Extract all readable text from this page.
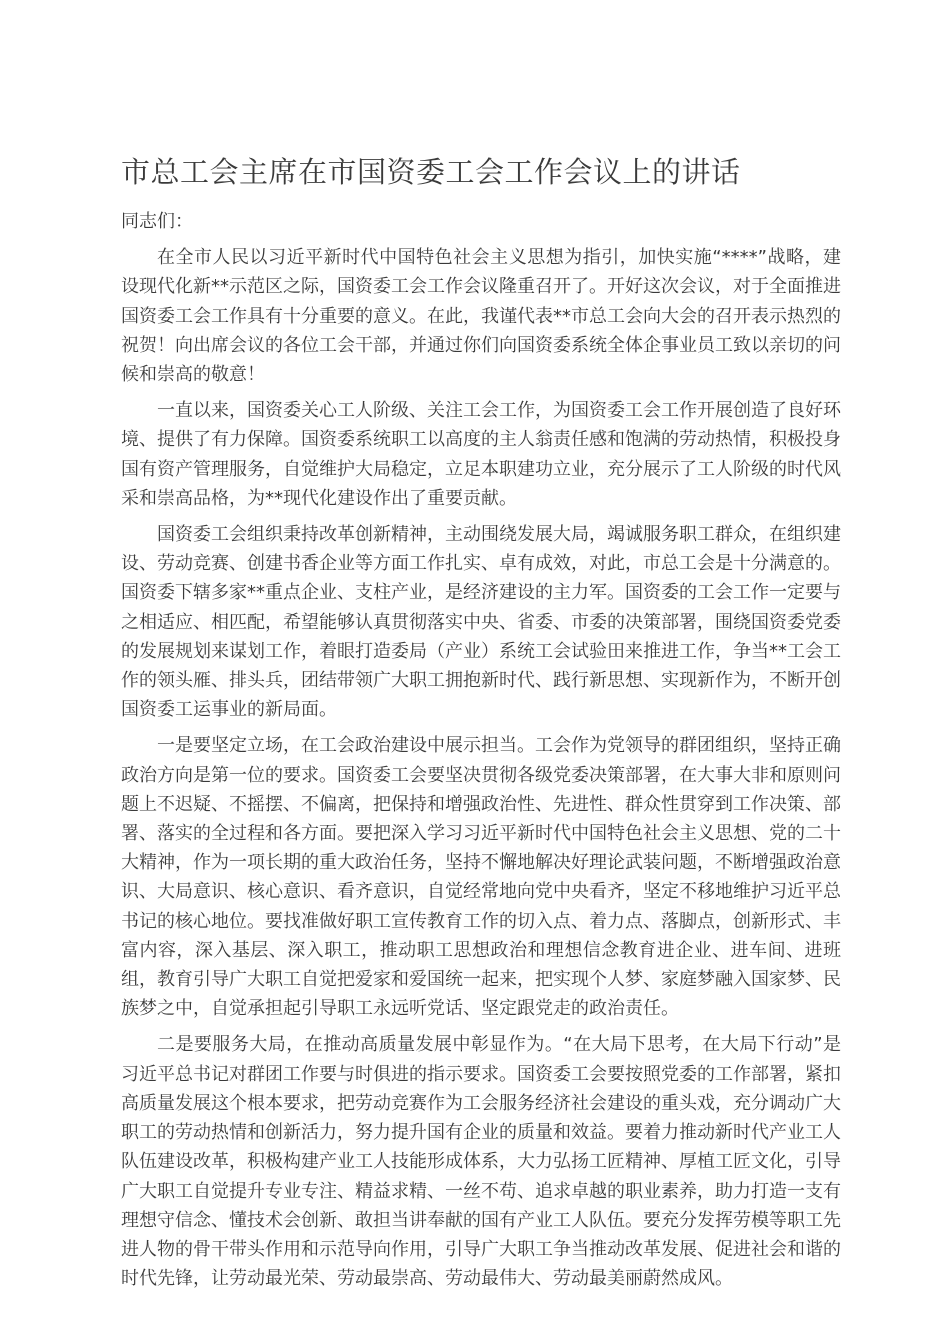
市总工会主席在市国资委工会工作会议上的讲话

同志们：

在全市人民以习近平新时代中国特色社会主义思想为指引，加快实施“****”战略，建设现代化新**示范区之际，国资委工会工作会议隆重召开了。开好这次会议，对于全面推进国资委工会工作具有十分重要的意义。在此，我谨代表**市总工会向大会的召开表示热烈的祝贺！向出席会议的各位工会干部，并通过你们向国资委系统全体企事业员工致以亲切的问候和崇高的敬意！

一直以来，国资委关心工人阶级、关注工会工作，为国资委工会工作开展创造了良好环境、提供了有力保障。国资委系统职工以高度的主人翁责任感和饱满的劳动热情，积极投身国有资产管理服务，自觉维护大局稳定，立足本职建功立业，充分展示了工人阶级的时代风采和崇高品格，为**现代化建设作出了重要贡献。

国资委工会组织秉持改革创新精神，主动围绕发展大局，竭诚服务职工群众，在组织建设、劳动竞赛、创建书香企业等方面工作扎实、卓有成效，对此，市总工会是十分满意的。国资委下辖多家**重点企业、支柱产业，是经济建设的主力军。国资委的工会工作一定要与之相适应、相匹配，希望能够认真贯彻落实中央、省委、市委的决策部署，围绕国资委党委的发展规划来谋划工作，着眼打造委局（产业）系统工会试验田来推进工作，争当**工会工作的领头雁、排头兵，团结带领广大职工拥抱新时代、践行新思想、实现新作为，不断开创国资委工运事业的新局面。

一是要坚定立场，在工会政治建设中展示担当。工会作为党领导的群团组织，坚持正确政治方向是第一位的要求。国资委工会要坚决贯彻各级党委决策部署，在大事大非和原则问题上不迟疑、不摇摆、不偏离，把保持和增强政治性、先进性、群众性贯穿到工作决策、部署、落实的全过程和各方面。要把深入学习习近平新时代中国特色社会主义思想、党的二十大精神，作为一项长期的重大政治任务，坚持不懈地解决好理论武装问题，不断增强政治意识、大局意识、核心意识、看齐意识，自觉经常地向党中央看齐，坚定不移地维护习近平总书记的核心地位。要找准做好职工宣传教育工作的切入点、着力点、落脚点，创新形式、丰富内容，深入基层、深入职工，推动职工思想政治和理想信念教育进企业、进车间、进班组，教育引导广大职工自觉把爱家和爱国统一起来，把实现个人梦、家庭梦融入国家梦、民族梦之中，自觉承担起引导职工永远听党话、坚定跟党走的政治责任。

二是要服务大局，在推动高质量发展中彰显作为。“在大局下思考，在大局下行动”是习近平总书记对群团工作要与时俱进的指示要求。国资委工会要按照党委的工作部署，紧扣高质量发展这个根本要求，把劳动竞赛作为工会服务经济社会建设的重头戏，充分调动广大职工的劳动热情和创新活力，努力提升国有企业的质量和效益。要着力推动新时代产业工人队伍建设改革，积极构建产业工人技能形成体系，大力弘扬工匠精神、厚植工匠文化，引导广大职工自觉提升专业专注、精益求精、一丝不苟、追求卓越的职业素养，助力打造一支有理想守信念、懂技术会创新、敢担当讲奉献的国有产业工人队伍。要充分发挥劳模等职工先进人物的骨干带头作用和示范导向作用，引导广大职工争当推动改革发展、促进社会和谐的时代先锋，让劳动最光荣、劳动最崇高、劳动最伟大、劳动最美丽蔚然成风。
